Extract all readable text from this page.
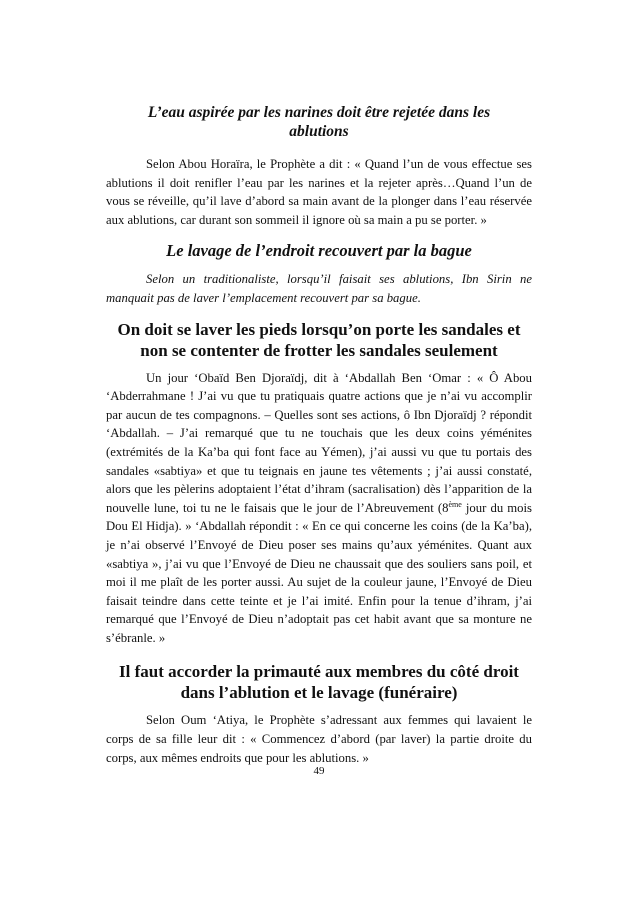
L’eau aspirée par les narines doit être rejetée dans les ablutions

Selon Abou Horaïra, le Prophète a dit : « Quand l’un de vous effectue ses ablutions il doit renifler l’eau par les narines et la rejeter après…Quand l’un de vous se réveille, qu’il lave d’abord sa main avant de la plonger dans l’eau réservée aux ablutions, car durant son sommeil il ignore où sa main a pu se porter. »

Le lavage de l’endroit recouvert par la bague

Selon un traditionaliste, lorsqu’il faisait ses ablutions, Ibn Sirin ne manquait pas de laver l’emplacement recouvert par sa bague.

On doit se laver les pieds lorsqu’on porte les sandales et non se contenter de frotter les sandales seulement

Un jour ‘Obaïd Ben Djoraïdj, dit à ‘Abdallah Ben ‘Omar : « Ô Abou ‘Abderrahmane ! J’ai vu que tu pratiquais quatre actions que je n’ai vu accomplir par aucun de tes compagnons. – Quelles sont ses actions, ô Ibn Djoraïdj ? répondit ‘Abdallah. – J’ai remarqué que tu ne touchais que les deux coins yéménites (extrémités de la Ka’ba qui font face au Yémen), j’ai aussi vu que tu portais des sandales «sabtiya» et que tu teignais en jaune tes vêtements ; j’ai aussi constaté, alors que les pèlerins adoptaient l’état d’ihram (sacralisation) dès l’apparition de la nouvelle lune, toi tu ne le faisais que le jour de l’Abreuvement (8ème jour du mois Dou El Hidja). » ‘Abdallah répondit : « En ce qui concerne les coins (de la Ka’ba), je n’ai observé l’Envoyé de Dieu poser ses mains qu’aux yéménites. Quant aux «sabtiya », j’ai vu que l’Envoyé de Dieu ne chaussait que des souliers sans poil, et moi il me plaît de les porter aussi. Au sujet de la couleur jaune, l’Envoyé de Dieu faisait teindre dans cette teinte et je l’ai imité. Enfin pour la tenue d’ihram, j’ai remarqué que l’Envoyé de Dieu n’adoptait pas cet habit avant que sa monture ne s’ébranle. »

Il faut accorder la primauté aux membres du côté droit dans l’ablution et le lavage (funéraire)

Selon Oum ‘Atiya, le Prophète s’adressant aux femmes qui lavaient le corps de sa fille leur dit : « Commencez d’abord (par laver) la partie droite du corps, aux mêmes endroits que pour les ablutions. »

49
